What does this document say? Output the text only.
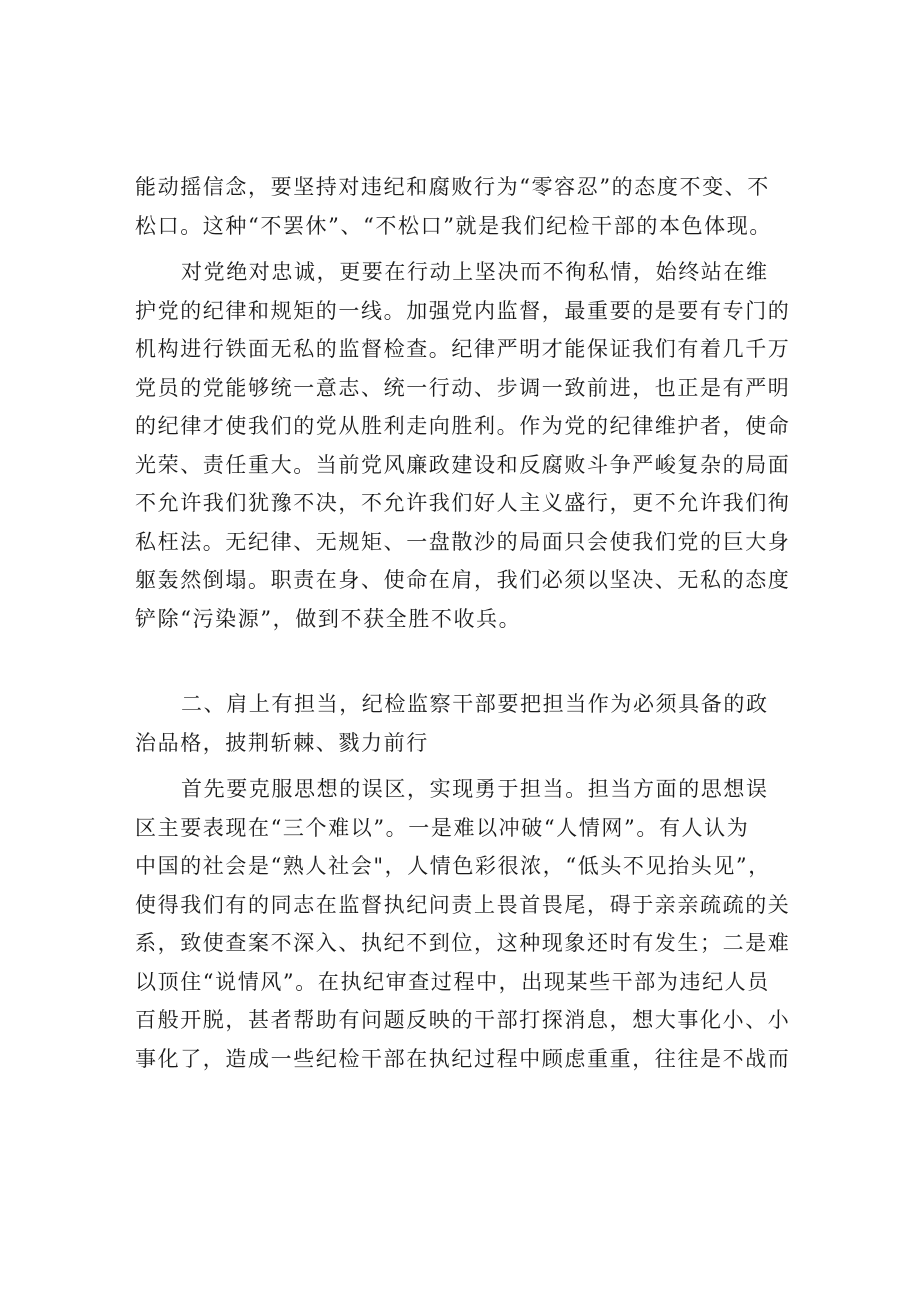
能动摇信念，要坚持对违纪和腐败行为“零容忍”的态度不变、不
松口。这种“不罢休”、“不松口”就是我们纪检干部的本色体现。
对党绝对忠诚，更要在行动上坚决而不徇私情，始终站在维
护党的纪律和规矩的一线。加强党内监督，最重要的是要有专门的
机构进行铁面无私的监督检查。纪律严明才能保证我们有着几千万
党员的党能够统一意志、统一行动、步调一致前进，也正是有严明
的纪律才使我们的党从胜利走向胜利。作为党的纪律维护者，使命
光荣、责任重大。当前党风廉政建设和反腐败斗争严峻复杂的局面
不允许我们犹豫不决，不允许我们好人主义盛行，更不允许我们徇
私枉法。无纪律、无规矩、一盘散沙的局面只会使我们党的巨大身
躯轰然倒塌。职责在身、使命在肩，我们必须以坚决、无私的态度
铲除“污染源”，做到不获全胜不收兵。
二、肩上有担当，纪检监察干部要把担当作为必须具备的政
治品格，披荆斩棘、戮力前行
首先要克服思想的误区，实现勇于担当。担当方面的思想误
区主要表现在“三个难以”。一是难以冲破“人情网”。有人认为
中国的社会是“熟人社会"，人情色彩很浓，“低头不见抬头见”，
使得我们有的同志在监督执纪问责上畏首畏尾，碍于亲亲疏疏的关
系，致使查案不深入、执纪不到位，这种现象还时有发生；二是难
以顶住“说情风”。在执纪审查过程中，出现某些干部为违纪人员
百般开脱，甚者帮助有问题反映的干部打探消息，想大事化小、小
事化了，造成一些纪检干部在执纪过程中顾虑重重，往往是不战而
